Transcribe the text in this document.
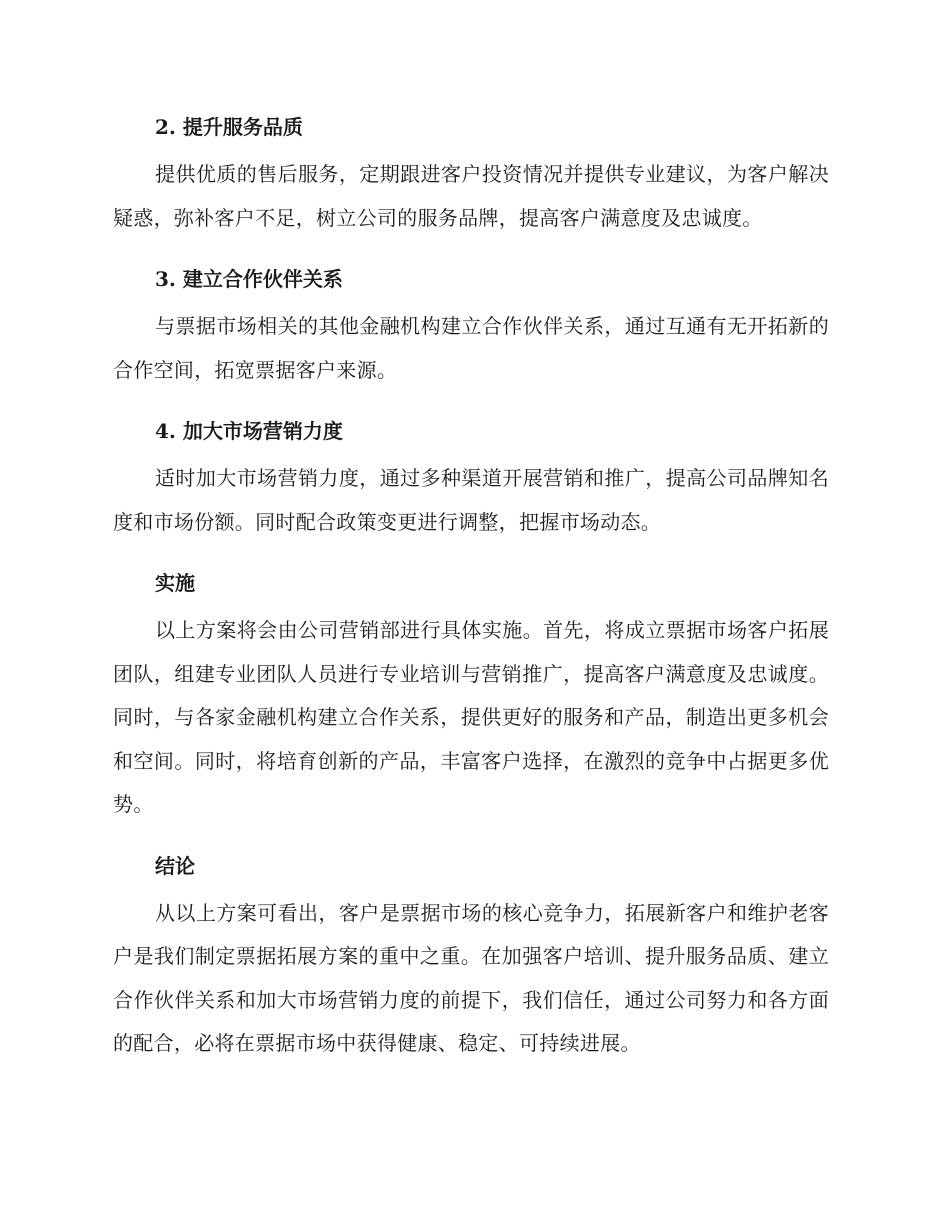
2. 提升服务品质

提供优质的售后服务，定期跟进客户投资情况并提供专业建议，为客户解决疑惑，弥补客户不足，树立公司的服务品牌，提高客户满意度及忠诚度。

3. 建立合作伙伴关系

与票据市场相关的其他金融机构建立合作伙伴关系，通过互通有无开拓新的合作空间，拓宽票据客户来源。

4. 加大市场营销力度

适时加大市场营销力度，通过多种渠道开展营销和推广，提高公司品牌知名度和市场份额。同时配合政策变更进行调整，把握市场动态。

实施

以上方案将会由公司营销部进行具体实施。首先，将成立票据市场客户拓展团队，组建专业团队人员进行专业培训与营销推广，提高客户满意度及忠诚度。同时，与各家金融机构建立合作关系，提供更好的服务和产品，制造出更多机会和空间。同时，将培育创新的产品，丰富客户选择，在激烈的竞争中占据更多优势。

结论

从以上方案可看出，客户是票据市场的核心竞争力，拓展新客户和维护老客户是我们制定票据拓展方案的重中之重。在加强客户培训、提升服务品质、建立合作伙伴关系和加大市场营销力度的前提下，我们信任，通过公司努力和各方面的配合，必将在票据市场中获得健康、稳定、可持续进展。
